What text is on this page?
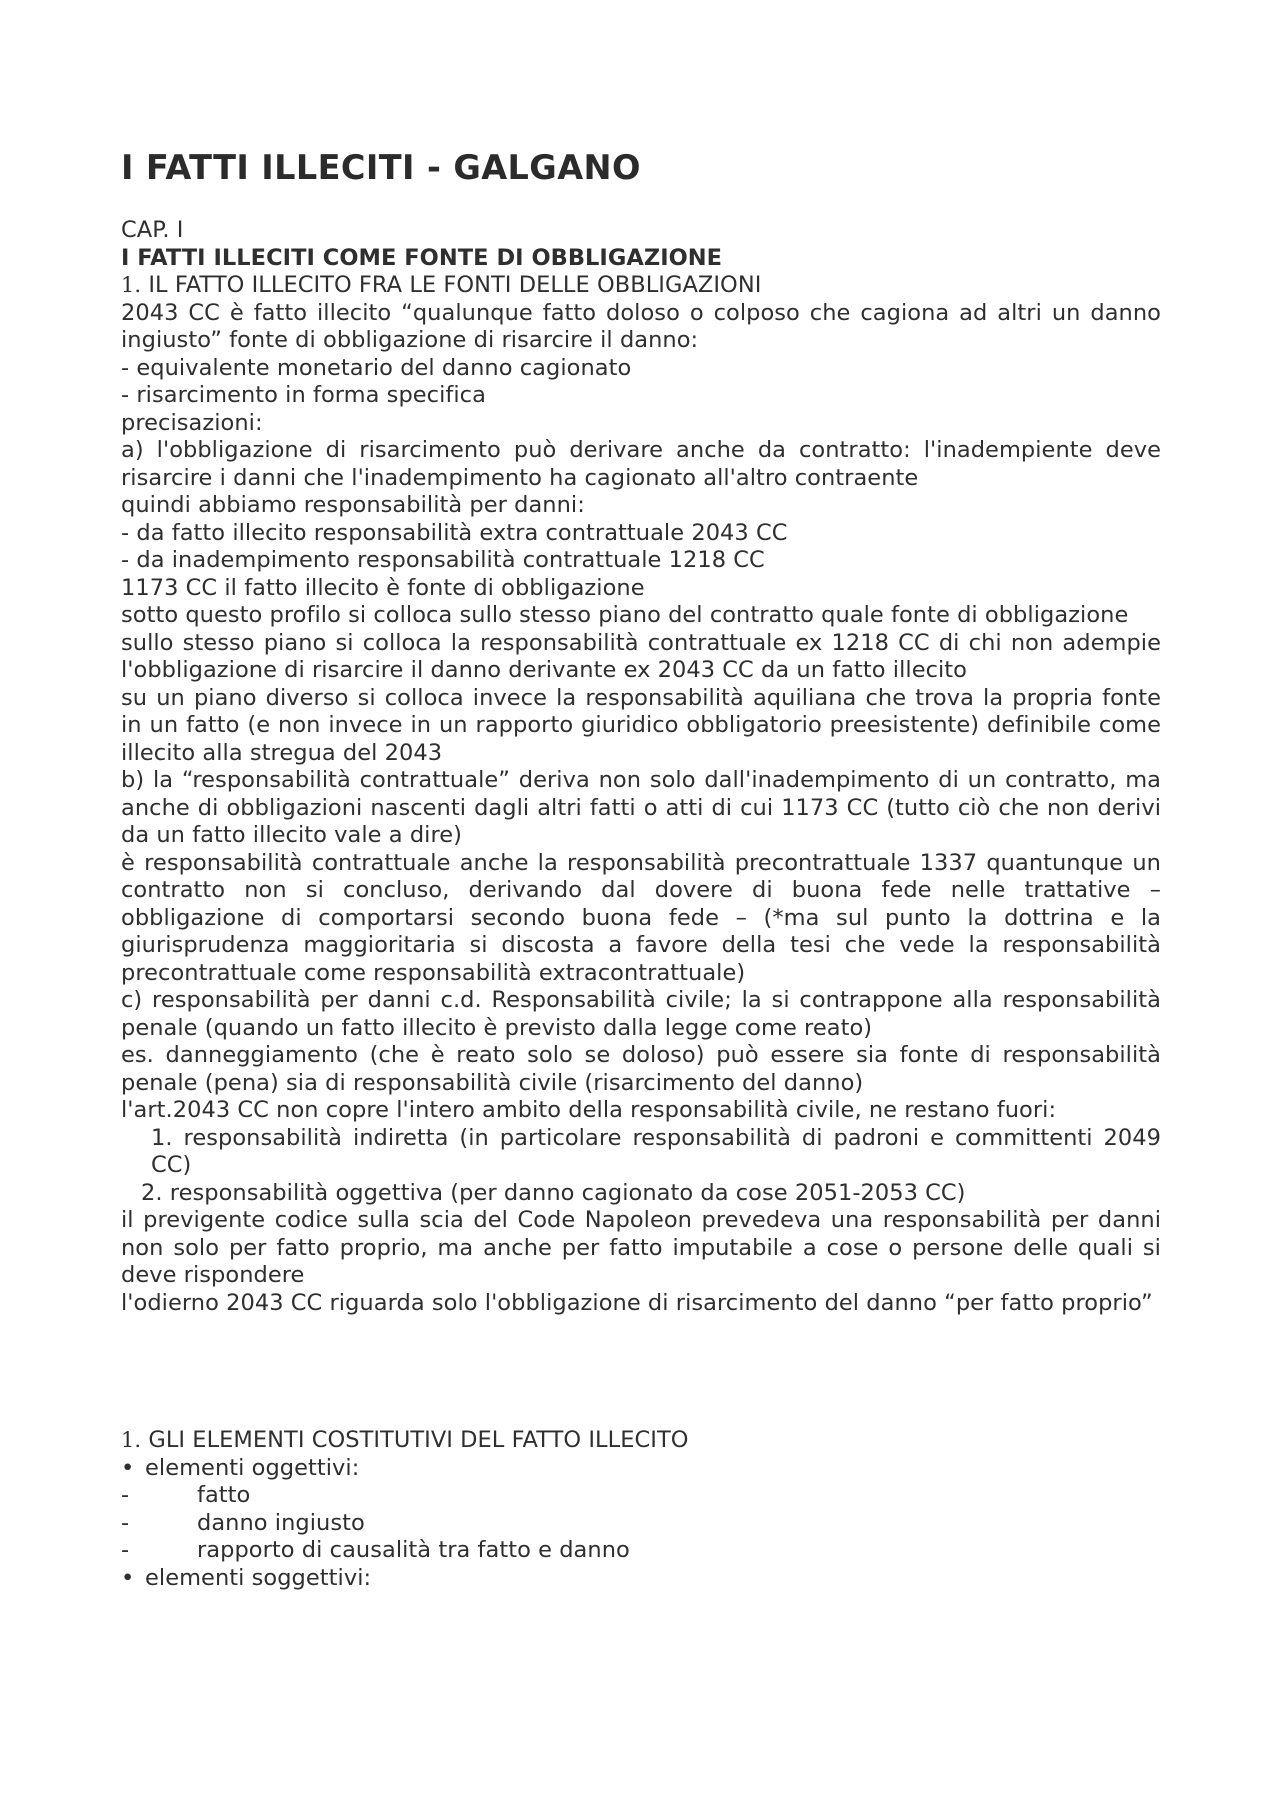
I FATTI ILLECITI - GALGANO

CAP. I

I FATTI ILLECITI COME FONTE DI OBBLIGAZIONE

1. IL FATTO ILLECITO FRA LE FONTI DELLE OBBLIGAZIONI

2043 CC è fatto illecito “qualunque fatto doloso o colposo che cagiona ad altri un danno ingiusto” fonte di obbligazione di risarcire il danno:

- equivalente monetario del danno cagionato

- risarcimento in forma specifica

precisazioni:

a) l'obbligazione di risarcimento può derivare anche da contratto: l'inadempiente deve risarcire i danni che l'inadempimento ha cagionato all'altro contraente

quindi abbiamo responsabilità per danni:

- da fatto illecito responsabilità extra contrattuale 2043 CC

- da inadempimento responsabilità contrattuale 1218 CC

1173 CC il fatto illecito è fonte di obbligazione

sotto questo profilo si colloca sullo stesso piano del contratto quale fonte di obbligazione

sullo stesso piano si colloca la responsabilità contrattuale ex 1218 CC di chi non adempie l'obbligazione di risarcire il danno derivante ex 2043 CC da un fatto illecito

su un piano diverso si colloca invece la responsabilità aquiliana che trova la propria fonte in un fatto (e non invece in un rapporto giuridico obbligatorio preesistente) definibile come illecito alla stregua del 2043

b) la “responsabilità contrattuale” deriva non solo dall'inadempimento di un contratto, ma anche di obbligazioni nascenti dagli altri fatti o atti di cui 1173 CC (tutto ciò che non derivi da un fatto illecito vale a dire)

è responsabilità contrattuale anche la responsabilità precontrattuale 1337 quantunque un contratto non si concluso, derivando dal dovere di buona fede nelle trattative – obbligazione di comportarsi secondo buona fede – (*ma sul punto la dottrina e la giurisprudenza maggioritaria si discosta a favore della tesi che vede la responsabilità precontrattuale come responsabilità extracontrattuale)

c) responsabilità per danni c.d. Responsabilità civile; la si contrappone alla responsabilità penale (quando un fatto illecito è previsto dalla legge come reato)

es. danneggiamento (che è reato solo se doloso) può essere sia fonte di responsabilità penale (pena) sia di responsabilità civile (risarcimento del danno)

l'art.2043 CC non copre l'intero ambito della responsabilità civile, ne restano fuori:

1. responsabilità indiretta (in particolare responsabilità di padroni e committenti 2049 CC)

2. responsabilità oggettiva (per danno cagionato da cose 2051-2053 CC)

il previgente codice sulla scia del Code Napoleon prevedeva una responsabilità per danni non solo per fatto proprio, ma anche per fatto imputabile a cose o persone delle quali si deve rispondere

l'odierno 2043 CC riguarda solo l'obbligazione di risarcimento del danno “per fatto proprio”

1. GLI ELEMENTI COSTITUTIVI DEL FATTO ILLECITO

• elementi oggettivi:
-	fatto
-	danno ingiusto
-	rapporto di causalità tra fatto e danno
• elementi soggettivi:
